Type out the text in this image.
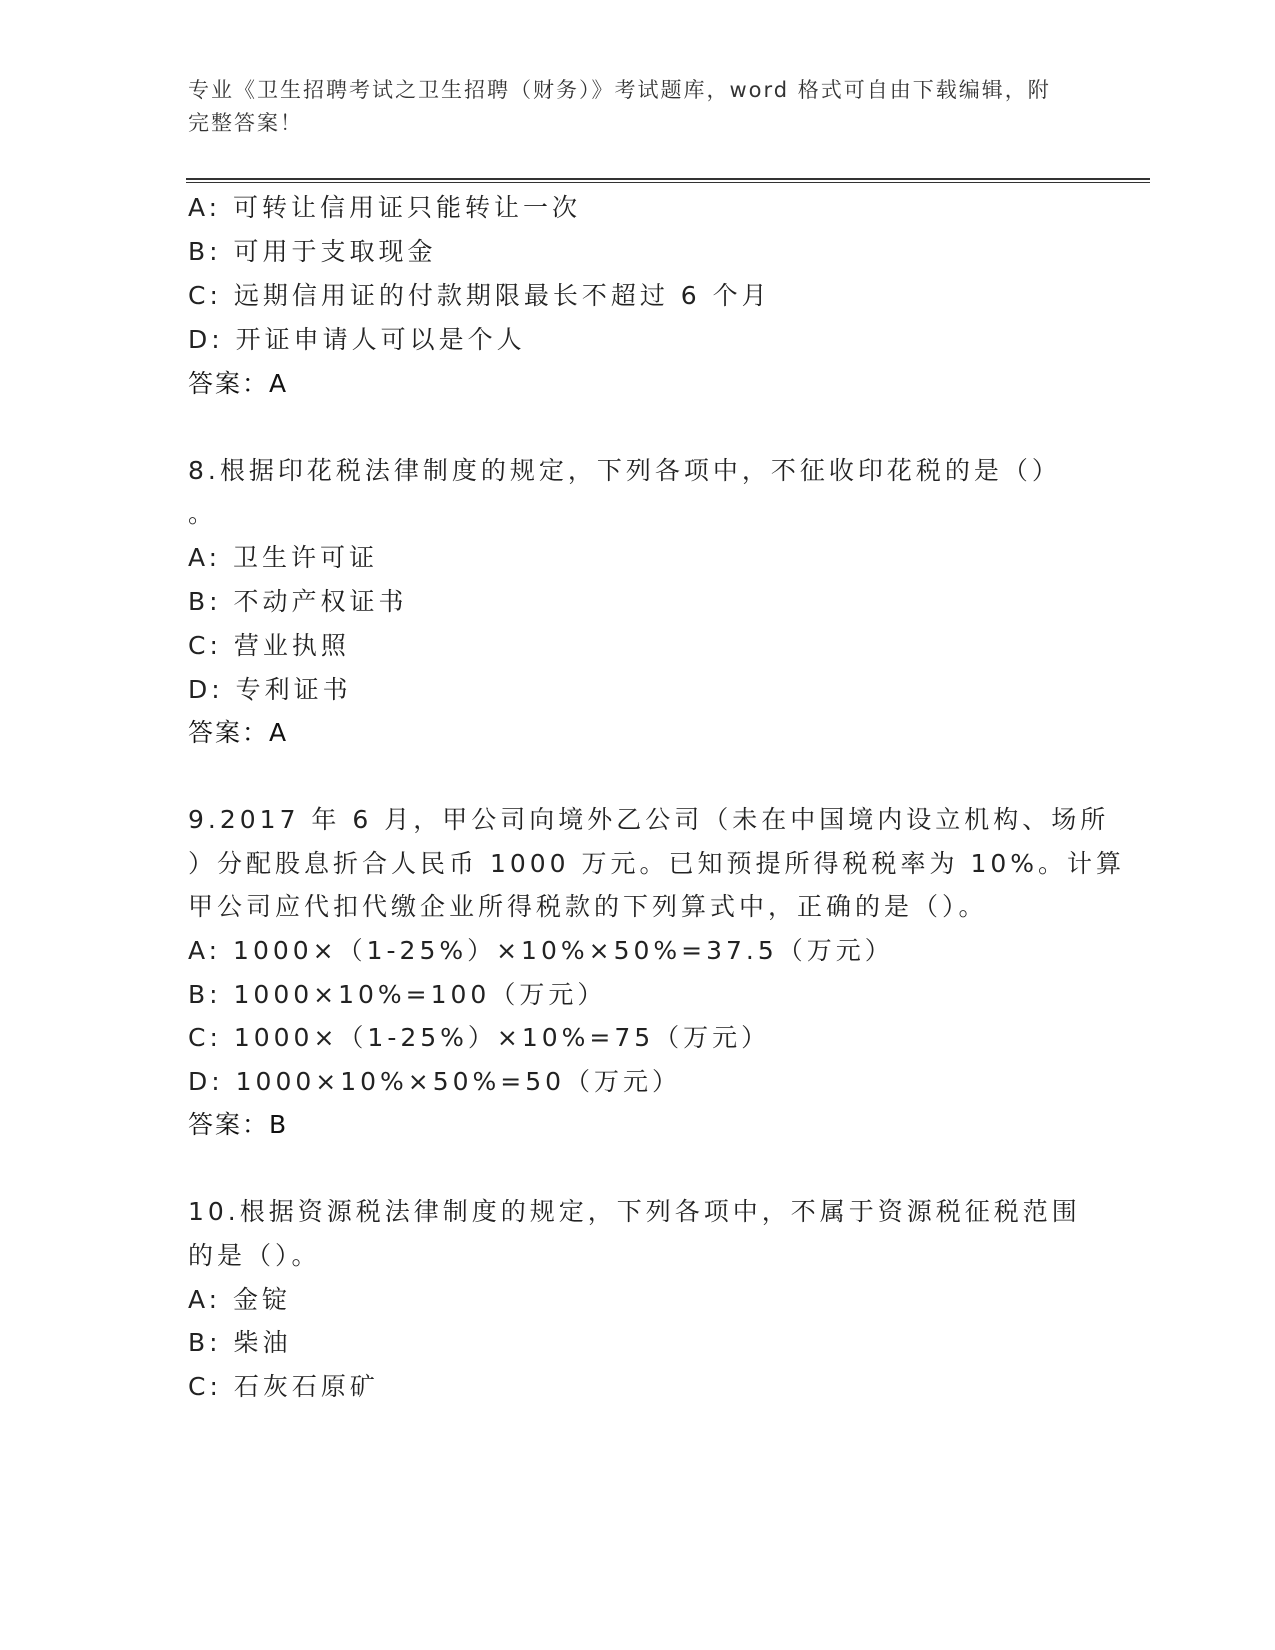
专业《卫生招聘考试之卫生招聘（财务）》考试题库，word 格式可自由下载编辑，附完整答案！
A: 可转让信用证只能转让一次
B: 可用于支取现金
C: 远期信用证的付款期限最长不超过 6 个月
D: 开证申请人可以是个人
答案：A
8.根据印花税法律制度的规定，下列各项中，不征收印花税的是（）
。
A: 卫生许可证
B: 不动产权证书
C: 营业执照
D: 专利证书
答案：A
9.2017 年 6 月，甲公司向境外乙公司（未在中国境内设立机构、场所
）分配股息折合人民币 1000 万元。已知预提所得税税率为 10%。计算
甲公司应代扣代缴企业所得税款的下列算式中，正确的是（）。
A: 1000×（1-25%）×10%×50%=37.5（万元）
B: 1000×10%=100（万元）
C: 1000×（1-25%）×10%=75（万元）
D: 1000×10%×50%=50（万元）
答案：B
10.根据资源税法律制度的规定，下列各项中，不属于资源税征税范围
的是（）。
A: 金锭
B: 柴油
C: 石灰石原矿
